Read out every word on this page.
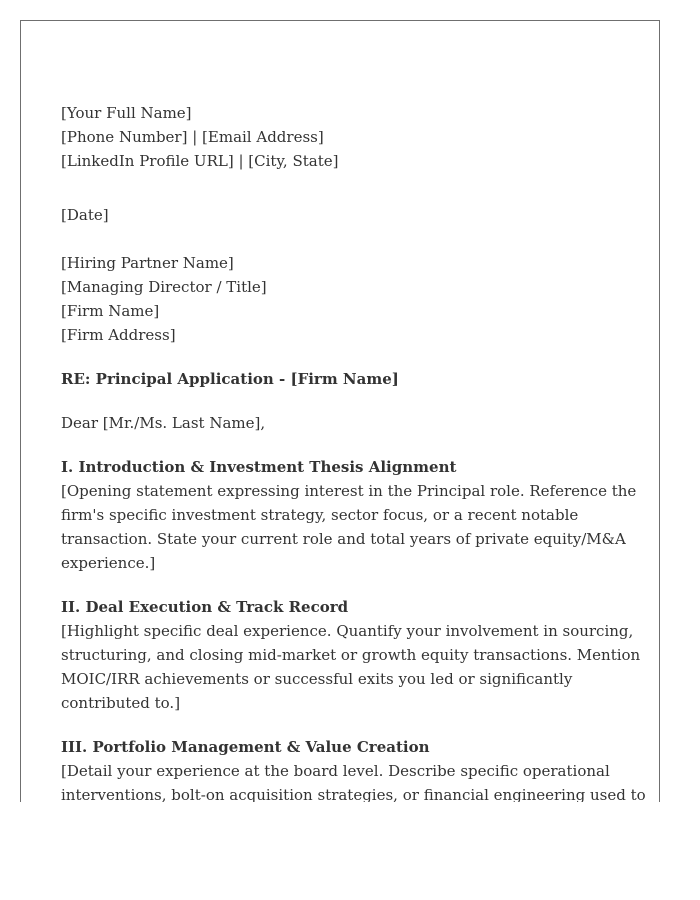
[Your Full Name]
[Phone Number] | [Email Address]
[LinkedIn Profile URL] | [City, State]
[Date]
[Hiring Partner Name]
[Managing Director / Title]
[Firm Name]
[Firm Address]
RE: Principal Application - [Firm Name]
Dear [Mr./Ms. Last Name],
I. Introduction & Investment Thesis Alignment
[Opening statement expressing interest in the Principal role. Reference the
firm's specific investment strategy, sector focus, or a recent notable
transaction. State your current role and total years of private equity/M&A
experience.]
II. Deal Execution & Track Record
[Highlight specific deal experience. Quantify your involvement in sourcing,
structuring, and closing mid-market or growth equity transactions. Mention
MOIC/IRR achievements or successful exits you led or significantly
contributed to.]
III. Portfolio Management & Value Creation
[Detail your experience at the board level. Describe specific operational
interventions, bolt-on acquisition strategies, or financial engineering used to
